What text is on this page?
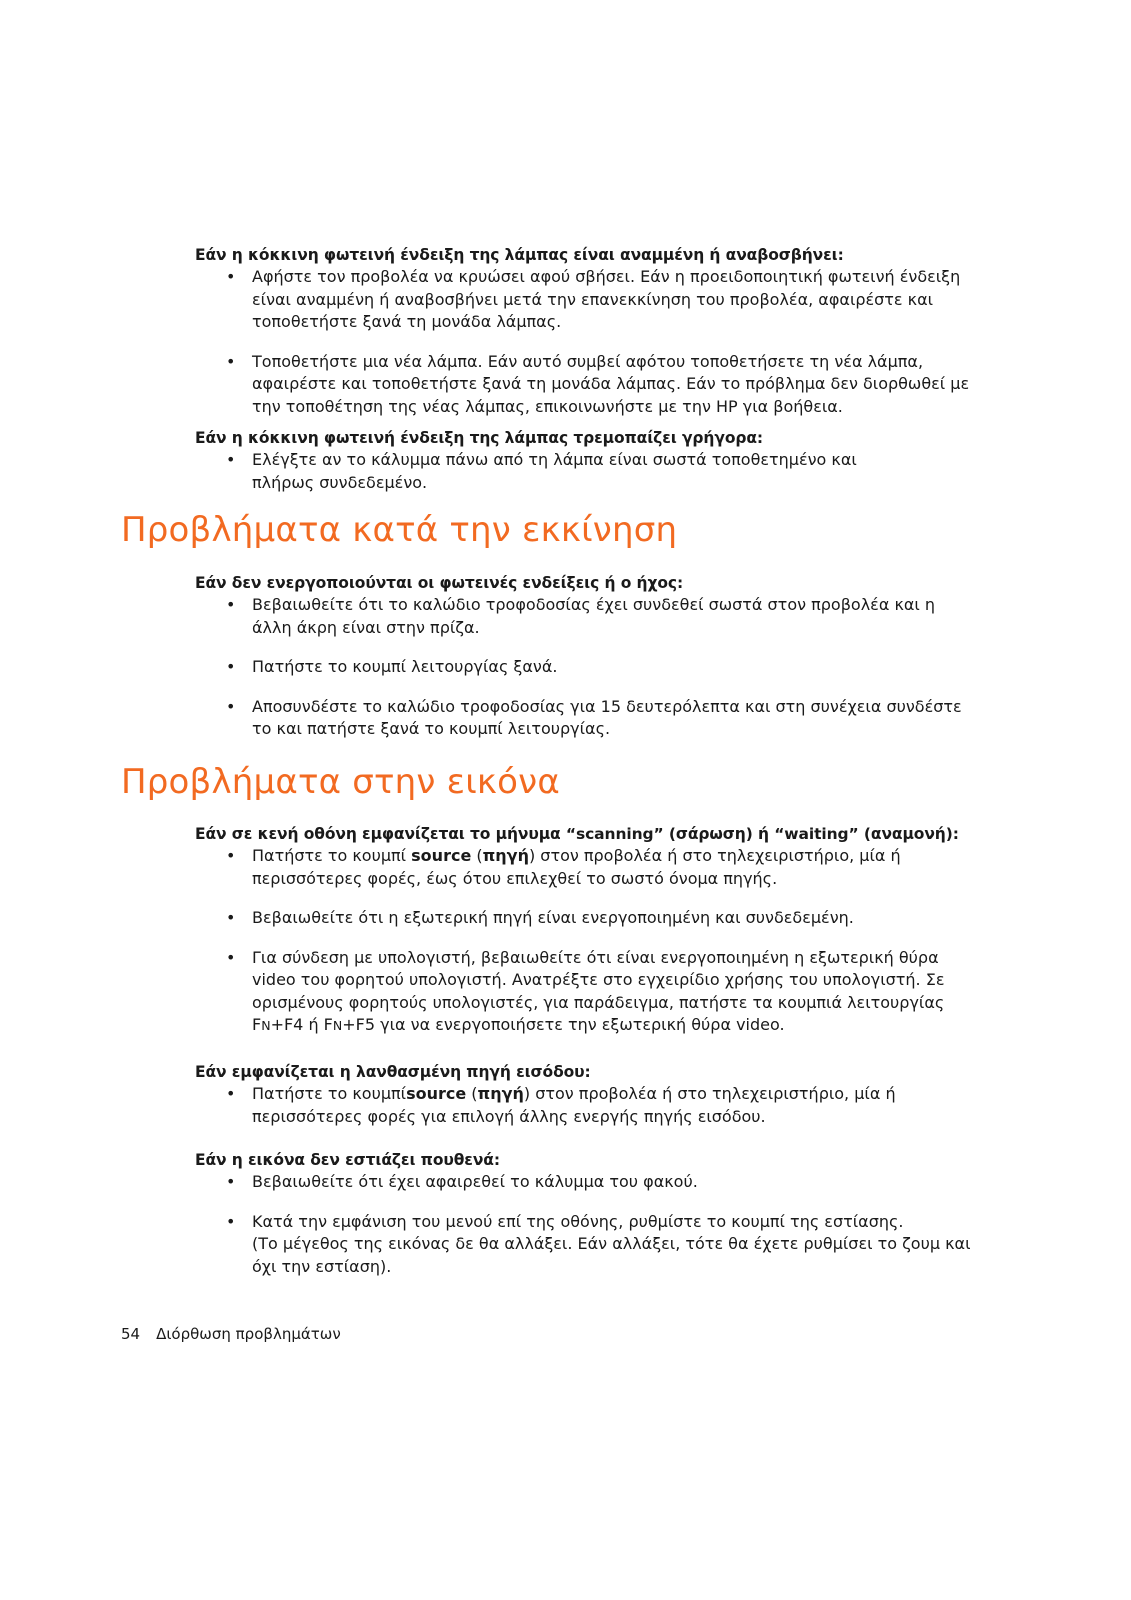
Εάν η κόκκινη φωτεινή ένδειξη της λάμπας είναι αναμμένη ή αναβοσβήνει:

• Αφήστε τον προβολέα να κρυώσει αφού σβήσει. Εάν η προειδοποιητική φωτεινή ένδειξη
είναι αναμμένη ή αναβοσβήνει μετά την επανεκκίνηση του προβολέα, αφαιρέστε και
τοποθετήστε ξανά τη μονάδα λάμπας.
• Τοποθετήστε μια νέα λάμπα. Εάν αυτό συμβεί αφότου τοποθετήσετε τη νέα λάμπα,
αφαιρέστε και τοποθετήστε ξανά τη μονάδα λάμπας. Εάν το πρόβλημα δεν διορθωθεί με
την τοποθέτηση της νέας λάμπας, επικοινωνήστε με την HP για βοήθεια.

Εάν η κόκκινη φωτεινή ένδειξη της λάμπας τρεμοπαίζει γρήγορα:

• Ελέγξτε αν το κάλυμμα πάνω από τη λάμπα είναι σωστά τοποθετημένο και
πλήρως συνδεδεμένο.
Προβλήματα κατά την εκκίνηση

Εάν δεν ενεργοποιούνται οι φωτεινές ενδείξεις ή ο ήχος:

• Βεβαιωθείτε ότι το καλώδιο τροφοδοσίας έχει συνδεθεί σωστά στον προβολέα και η
άλλη άκρη είναι στην πρίζα.
• Πατήστε το κουμπί λειτουργίας ξανά.
• Αποσυνδέστε το καλώδιο τροφοδοσίας για 15 δευτερόλεπτα και στη συνέχεια συνδέστε
το και πατήστε ξανά το κουμπί λειτουργίας.
Προβλήματα στην εικόνα

Εάν σε κενή οθόνη εμφανίζεται το μήνυμα “scanning” (σάρωση) ή “waiting” (αναμονή):

• Πατήστε το κουμπί source (πηγή) στον προβολέα ή στο τηλεχειριστήριο, μία ή
περισσότερες φορές, έως ότου επιλεχθεί το σωστό όνομα πηγής.
• Βεβαιωθείτε ότι η εξωτερική πηγή είναι ενεργοποιημένη και συνδεδεμένη.
• Για σύνδεση με υπολογιστή, βεβαιωθείτε ότι είναι ενεργοποιημένη η εξωτερική θύρα
video του φορητού υπολογιστή. Ανατρέξτε στο εγχειρίδιο χρήσης του υπολογιστή. Σε
ορισμένους φορητούς υπολογιστές, για παράδειγμα, πατήστε τα κουμπιά λειτουργίας
FN+F4 ή FN+F5 για να ενεργοποιήσετε την εξωτερική θύρα video.

Εάν εμφανίζεται η λανθασμένη πηγή εισόδου:

• Πατήστε το κουμπίsource (πηγή) στον προβολέα ή στο τηλεχειριστήριο, μία ή
περισσότερες φορές για επιλογή άλλης ενεργής πηγής εισόδου.

Εάν η εικόνα δεν εστιάζει πουθενά:

• Βεβαιωθείτε ότι έχει αφαιρεθεί το κάλυμμα του φακού.
• Κατά την εμφάνιση του μενού επί της οθόνης, ρυθμίστε το κουμπί της εστίασης.
(Το μέγεθος της εικόνας δε θα αλλάξει. Εάν αλλάξει, τότε θα έχετε ρυθμίσει το ζουμ και
όχι την εστίαση).
54 Διόρθωση προβλημάτων
